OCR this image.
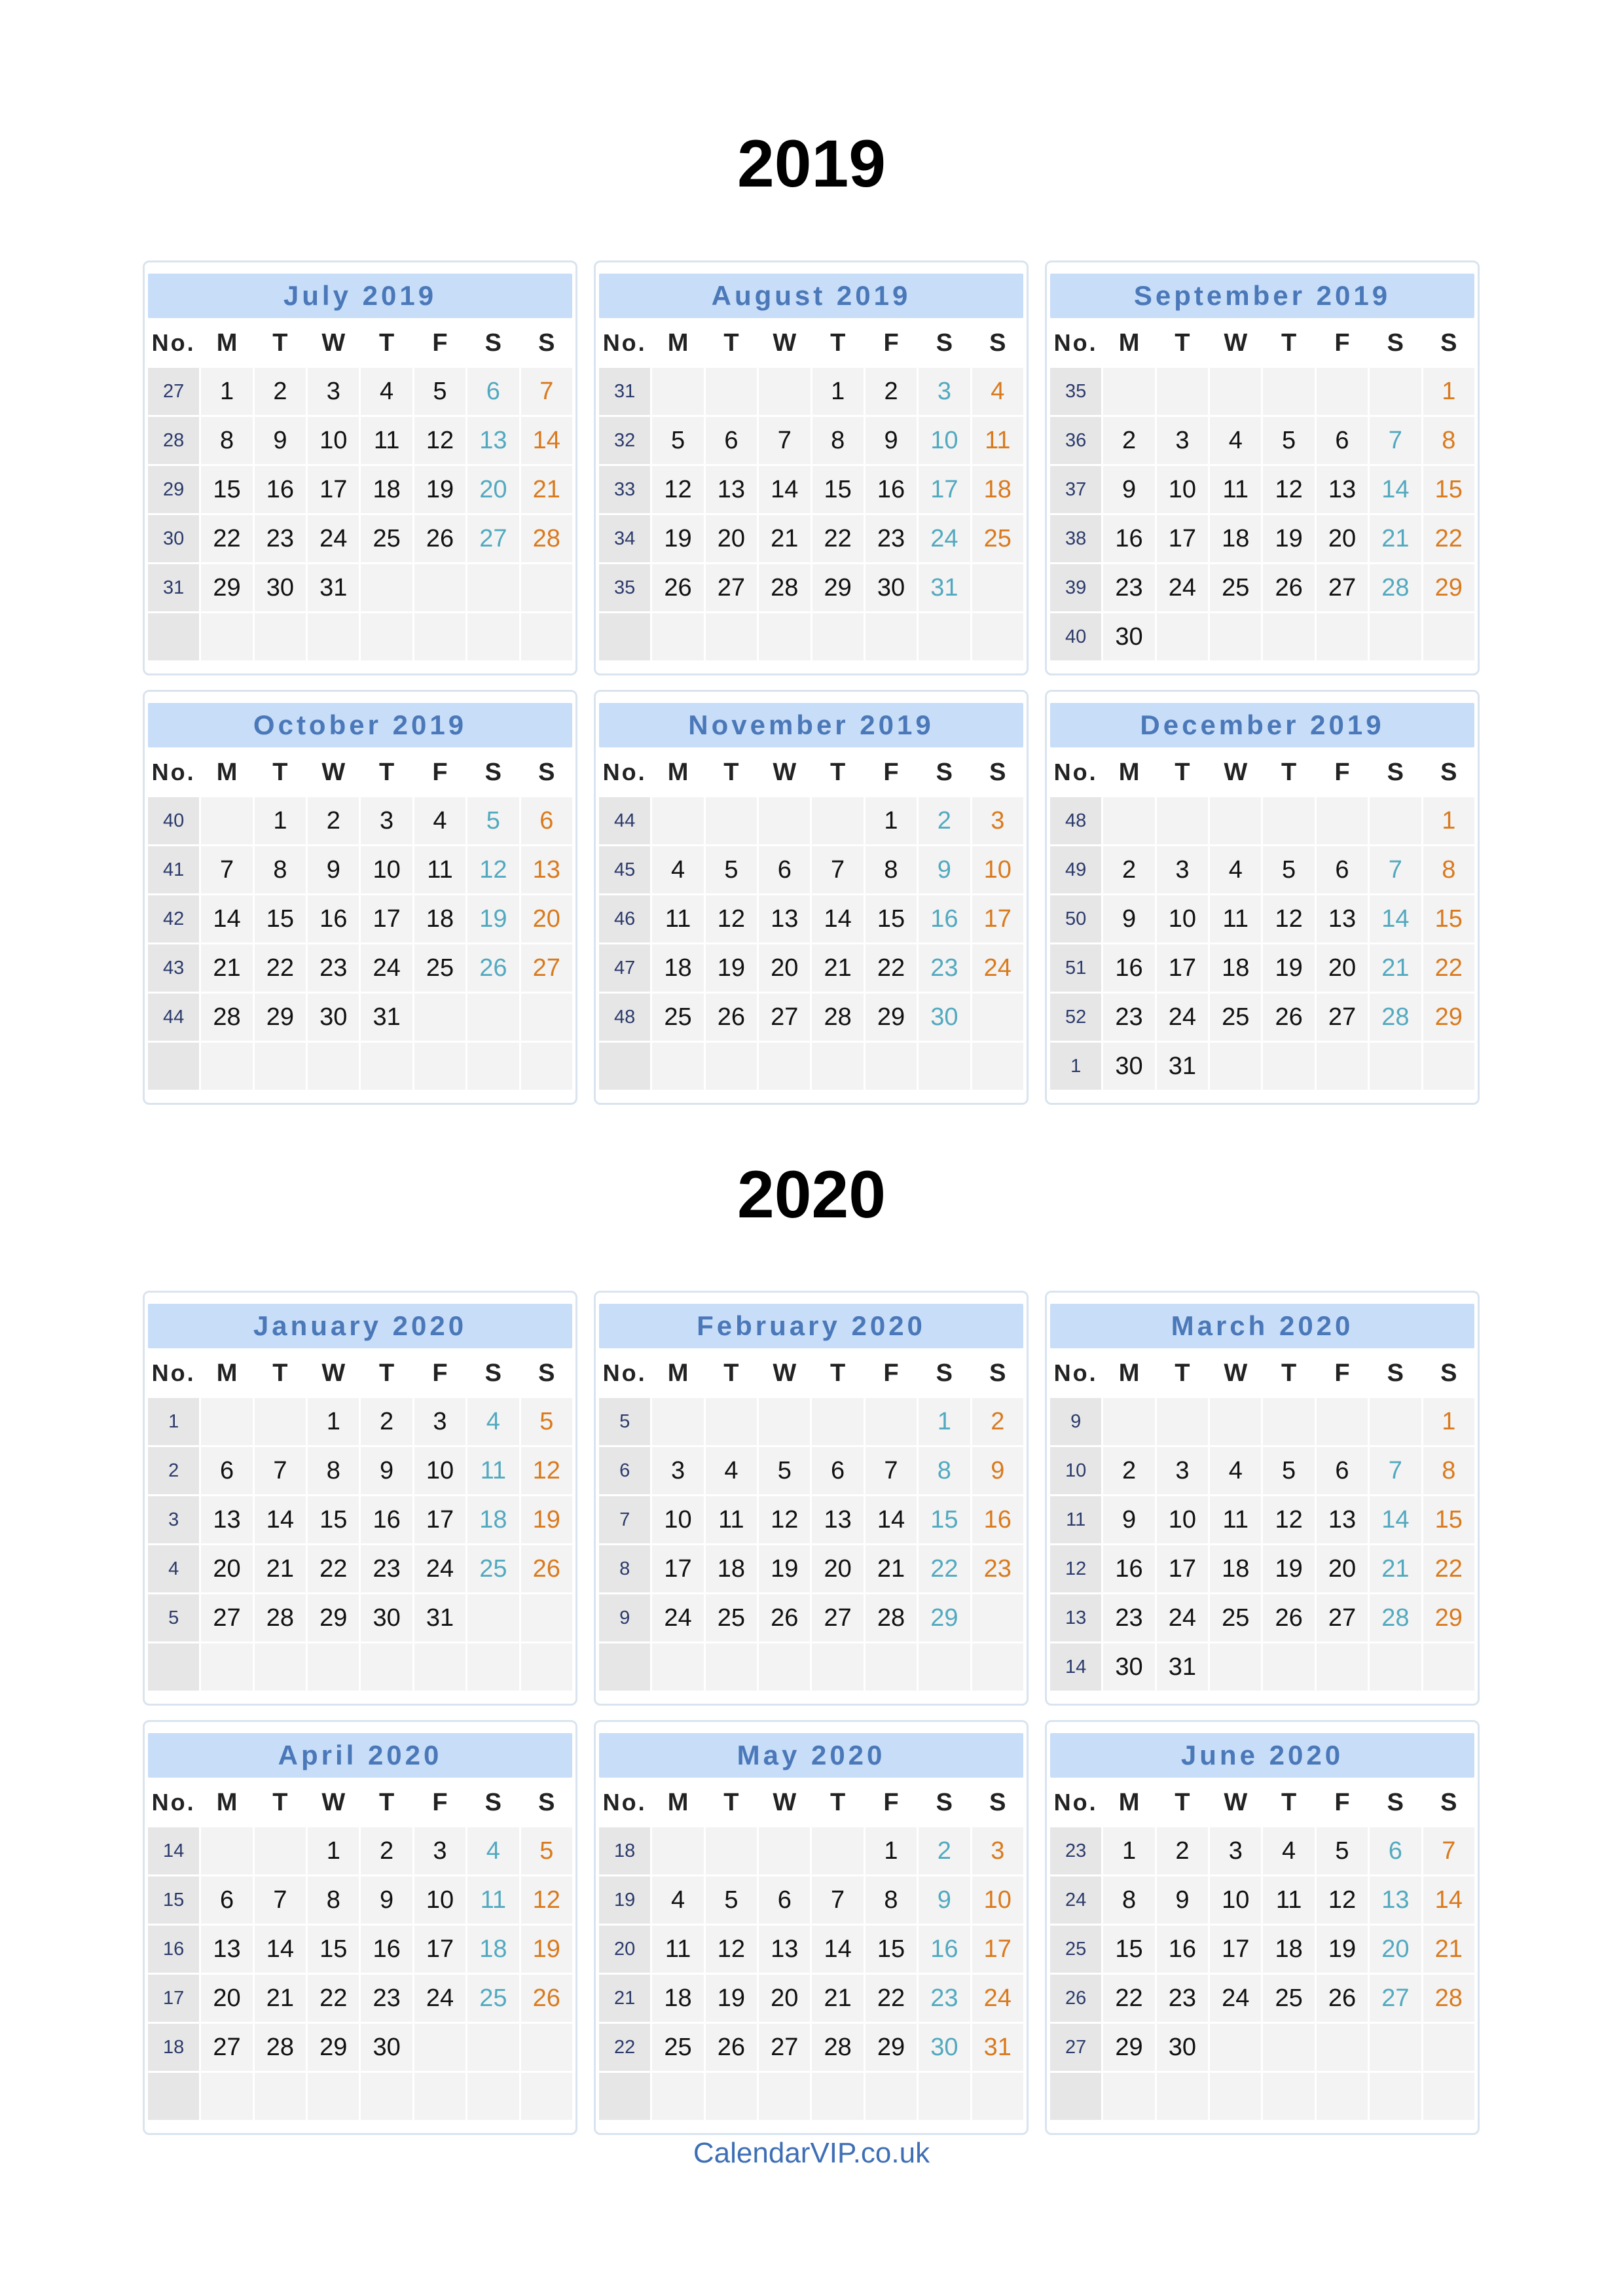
2019
July 2019							
No.	M	T	W	T	F	S	S
27	1	2	3	4	5	6	7
28	8	9	10	11	12	13	14
29	15	16	17	18	19	20	21
30	22	23	24	25	26	27	28
31	29	30	31				

August 2019							
No.	M	T	W	T	F	S	S
31				1	2	3	4
32	5	6	7	8	9	10	11
33	12	13	14	15	16	17	18
34	19	20	21	22	23	24	25
35	26	27	28	29	30	31	

September 2019							
No.	M	T	W	T	F	S	S
35							1
36	2	3	4	5	6	7	8
37	9	10	11	12	13	14	15
38	16	17	18	19	20	21	22
39	23	24	25	26	27	28	29
40	30						
October 2019							
No.	M	T	W	T	F	S	S
40		1	2	3	4	5	6
41	7	8	9	10	11	12	13
42	14	15	16	17	18	19	20
43	21	22	23	24	25	26	27
44	28	29	30	31			

November 2019							
No.	M	T	W	T	F	S	S
44					1	2	3
45	4	5	6	7	8	9	10
46	11	12	13	14	15	16	17
47	18	19	20	21	22	23	24
48	25	26	27	28	29	30	

December 2019							
No.	M	T	W	T	F	S	S
48							1
49	2	3	4	5	6	7	8
50	9	10	11	12	13	14	15
51	16	17	18	19	20	21	22
52	23	24	25	26	27	28	29
1	30	31					
2020
January 2020							
No.	M	T	W	T	F	S	S
1			1	2	3	4	5
2	6	7	8	9	10	11	12
3	13	14	15	16	17	18	19
4	20	21	22	23	24	25	26
5	27	28	29	30	31		

February 2020							
No.	M	T	W	T	F	S	S
5						1	2
6	3	4	5	6	7	8	9
7	10	11	12	13	14	15	16
8	17	18	19	20	21	22	23
9	24	25	26	27	28	29	

March 2020							
No.	M	T	W	T	F	S	S
9							1
10	2	3	4	5	6	7	8
11	9	10	11	12	13	14	15
12	16	17	18	19	20	21	22
13	23	24	25	26	27	28	29
14	30	31					
April 2020							
No.	M	T	W	T	F	S	S
14			1	2	3	4	5
15	6	7	8	9	10	11	12
16	13	14	15	16	17	18	19
17	20	21	22	23	24	25	26
18	27	28	29	30			

May 2020							
No.	M	T	W	T	F	S	S
18					1	2	3
19	4	5	6	7	8	9	10
20	11	12	13	14	15	16	17
21	18	19	20	21	22	23	24
22	25	26	27	28	29	30	31

June 2020							
No.	M	T	W	T	F	S	S
23	1	2	3	4	5	6	7
24	8	9	10	11	12	13	14
25	15	16	17	18	19	20	21
26	22	23	24	25	26	27	28
27	29	30					

CalendarVIP.co.uk
